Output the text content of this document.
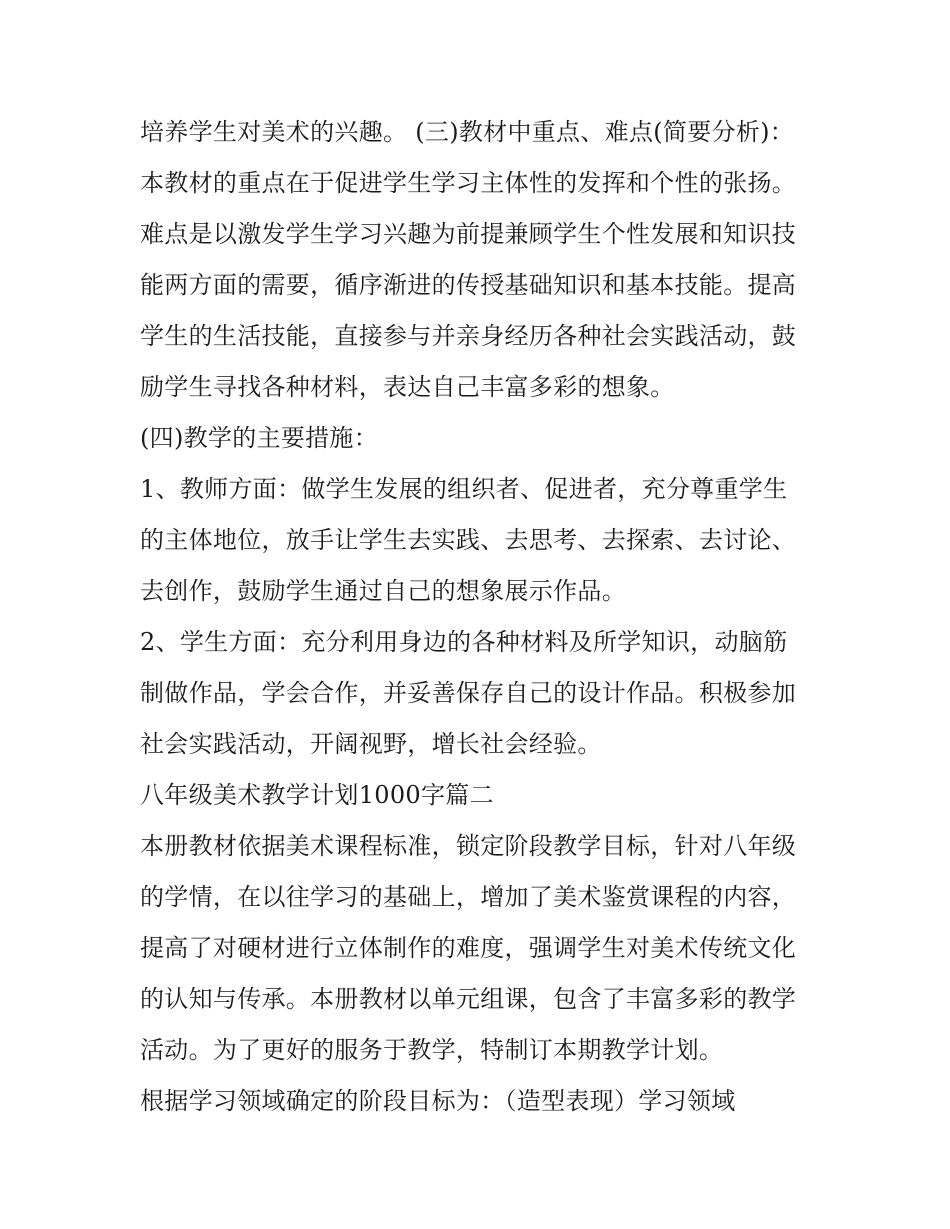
培养学生对美术的兴趣。 (三)教材中重点、难点(简要分析)：
本教材的重点在于促进学生学习主体性的发挥和个性的张扬。
难点是以激发学生学习兴趣为前提兼顾学生个性发展和知识技
能两方面的需要，循序渐进的传授基础知识和基本技能。提高
学生的生活技能，直接参与并亲身经历各种社会实践活动，鼓
励学生寻找各种材料，表达自己丰富多彩的想象。
(四)教学的主要措施：
1、教师方面：做学生发展的组织者、促进者，充分尊重学生
的主体地位，放手让学生去实践、去思考、去探索、去讨论、
去创作，鼓励学生通过自己的想象展示作品。
2、学生方面：充分利用身边的各种材料及所学知识，动脑筋
制做作品，学会合作，并妥善保存自己的设计作品。积极参加
社会实践活动，开阔视野，增长社会经验。
八年级美术教学计划1000字篇二
本册教材依据美术课程标准，锁定阶段教学目标，针对八年级
的学情，在以往学习的基础上，增加了美术鉴赏课程的内容，
提高了对硬材进行立体制作的难度，强调学生对美术传统文化
的认知与传承。本册教材以单元组课，包含了丰富多彩的教学
活动。为了更好的服务于教学，特制订本期教学计划。
根据学习领域确定的阶段目标为：（造型表现）学习领域
